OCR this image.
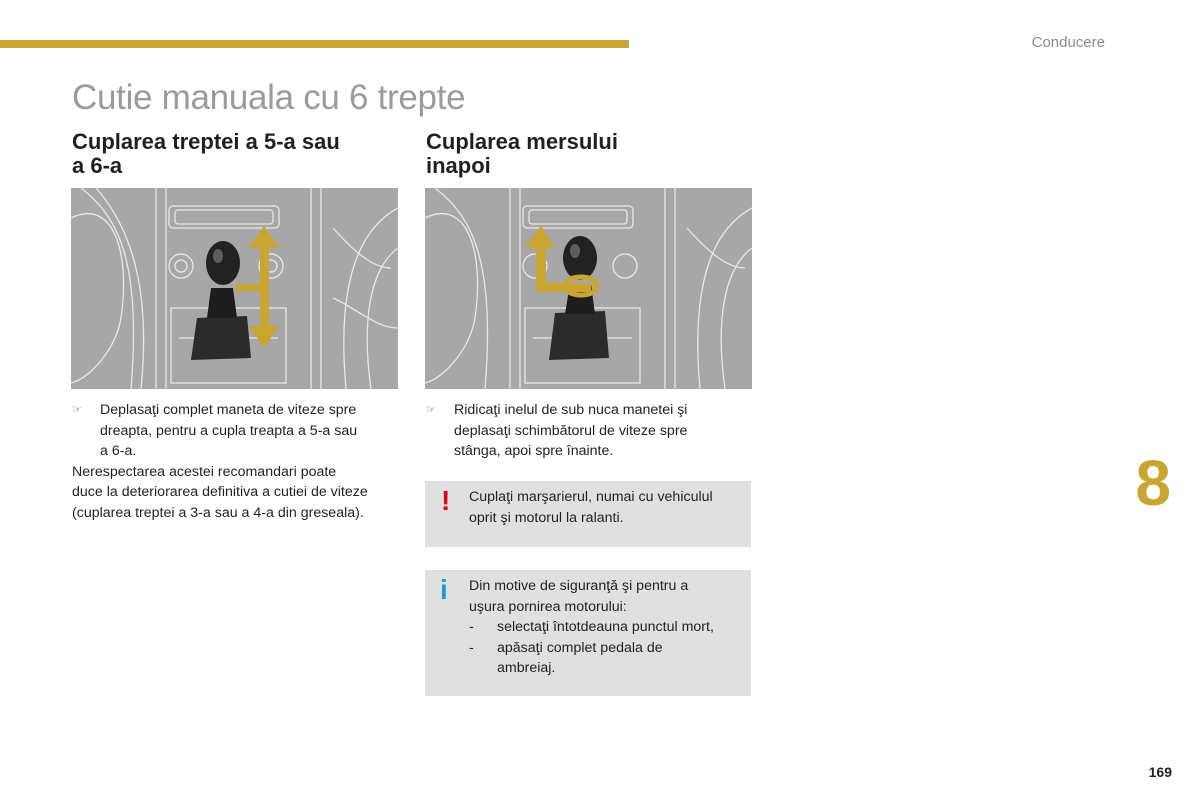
Conducere
Cutie manuala cu 6 trepte
Cuplarea treptei a 5-a sau
a 6-a
Cuplarea mersului
inapoi
☞ Deplasaţi complet maneta de viteze spre
dreapta, pentru a cupla treapta a 5-a sau
a 6-a.
Nerespectarea acestei recomandari poate
duce la deteriorarea definitiva a cutiei de viteze
(cuplarea treptei a 3-a sau a 4-a din greseala).
☞ Ridicaţi inelul de sub nuca manetei şi
deplasaţi schimbătorul de viteze spre
stânga, apoi spre înainte.
! Cuplaţi marşarierul, numai cu vehiculul
oprit şi motorul la ralanti.
i Din motive de siguranţă şi pentru a
uşura pornirea motorului:
- selectaţi întotdeauna punctul mort,
- apăsaţi complet pedala de
ambreiaj.
8
169
